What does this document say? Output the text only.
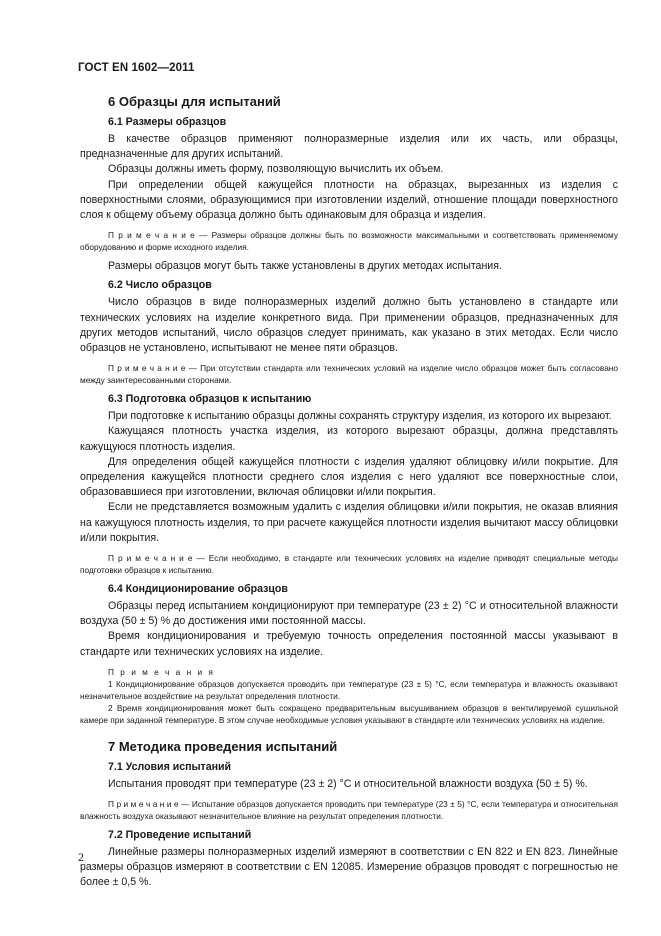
ГОСТ EN 1602—2011
6 Образцы для испытаний
6.1 Размеры образцов

В качестве образцов применяют полноразмерные изделия или их часть, или образцы, предназначенные для других испытаний.

Образцы должны иметь форму, позволяющую вычислить их объем.

При определении общей кажущейся плотности на образцах, вырезанных из изделия с поверхностными слоями, образующимися при изготовлении изделий, отношение площади поверхностного слоя к общему объему образца должно быть одинаковым для образца и изделия.

П р и м е ч а н и е — Размеры образцов должны быть по возможности максимальными и соответствовать применяемому оборудованию и форме исходного изделия.

Размеры образцов могут быть также установлены в других методах испытания.

6.2 Число образцов

Число образцов в виде полноразмерных изделий должно быть установлено в стандарте или технических условиях на изделие конкретного вида. При применении образцов, предназначенных для других методов испытаний, число образцов следует принимать, как указано в этих методах. Если число образцов не установлено, испытывают не менее пяти образцов.

П р и м е ч а н и е — При отсутствии стандарта или технических условий на изделие число образцов может быть согласовано между заинтересованными сторонами.

6.3 Подготовка образцов к испытанию

При подготовке к испытанию образцы должны сохранять структуру изделия, из которого их вырезают.

Кажущаяся плотность участка изделия, из которого вырезают образцы, должна представлять кажущуюся плотность изделия.

Для определения общей кажущейся плотности с изделия удаляют облицовку и/или покрытие. Для определения кажущейся плотности среднего слоя изделия с него удаляют все поверхностные слои, образовавшиеся при изготовлении, включая облицовки и/или покрытия.

Если не представляется возможным удалить с изделия облицовки и/или покрытия, не оказав влияния на кажущуюся плотность изделия, то при расчете кажущейся плотности изделия вычитают массу облицовки и/или покрытия.

П р и м е ч а н и е — Если необходимо, в стандарте или технических условиях на изделие приводят специальные методы подготовки образцов к испытанию.

6.4 Кондиционирование образцов

Образцы перед испытанием кондиционируют при температуре (23 ± 2) °С и относительной влажности воздуха (50 ± 5) % до достижения ими постоянной массы.

Время кондиционирования и требуемую точность определения постоянной массы указывают в стандарте или технических условиях на изделие.

П р и м е ч а н и я

1 Кондиционирование образцов допускается проводить при температуре (23 ± 5) °С, если температура и влажность оказывают незначительное воздействие на результат определения плотности.

2 Время кондиционирования может быть сокращено предварительным высушиванием образцов в вентилируемой сушильной камере при заданной температуре. В этом случае необходимые условия указывают в стандарте или технических условиях на изделие.

7 Методика проведения испытаний
7.1 Условия испытаний

Испытания проводят при температуре (23 ± 2) °С и относительной влажности воздуха (50 ± 5) %.

П р и м е ч а н и е — Испытание образцов допускается проводить при температуре (23 ± 5) °С, если температура и относительная влажность воздуха оказывают незначительное влияние на результат определения плотности.

7.2 Проведение испытаний

Линейные размеры полноразмерных изделий измеряют в соответствии с EN 822 и EN 823. Линейные размеры образцов измеряют в соответствии с EN 12085. Измерение образцов проводят с погрешностью не более ± 0,5 %.

2
